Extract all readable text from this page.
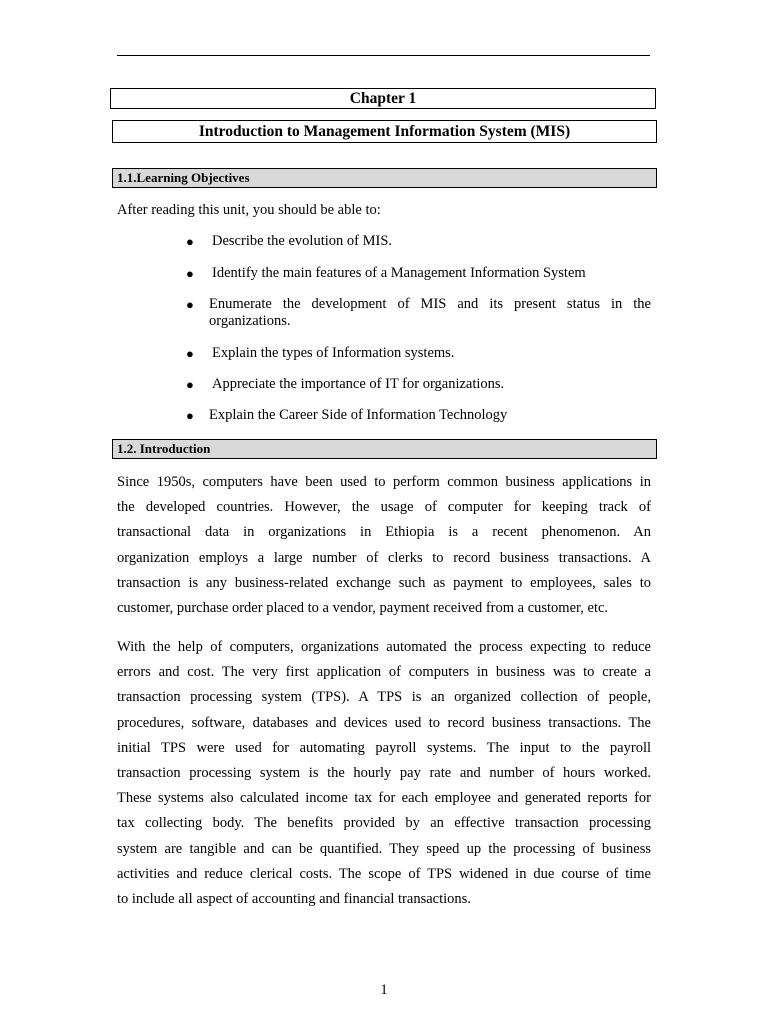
Chapter 1
Introduction to Management Information System (MIS)
1.1.Learning Objectives
After reading this unit, you should be able to:
● Describe the evolution of MIS.
● Identify the main features of a Management Information System
● Enumerate the development of MIS and its present status in the
organizations.
● Explain the types of Information systems.
● Appreciate the importance of IT for organizations.
● Explain the Career Side of Information Technology
1.2. Introduction
Since 1950s, computers have been used to perform common business applications in
the developed countries. However, the usage of computer for keeping track of
transactional data in organizations in Ethiopia is a recent phenomenon. An
organization employs a large number of clerks to record business transactions. A
transaction is any business-related exchange such as payment to employees, sales to
customer, purchase order placed to a vendor, payment received from a customer, etc.
With the help of computers, organizations automated the process expecting to reduce
errors and cost. The very first application of computers in business was to create a
transaction processing system (TPS). A TPS is an organized collection of people,
procedures, software, databases and devices used to record business transactions. The
initial TPS were used for automating payroll systems. The input to the payroll
transaction processing system is the hourly pay rate and number of hours worked.
These systems also calculated income tax for each employee and generated reports for
tax collecting body. The benefits provided by an effective transaction processing
system are tangible and can be quantified. They speed up the processing of business
activities and reduce clerical costs. The scope of TPS widened in due course of time
to include all aspect of accounting and financial transactions.
1
